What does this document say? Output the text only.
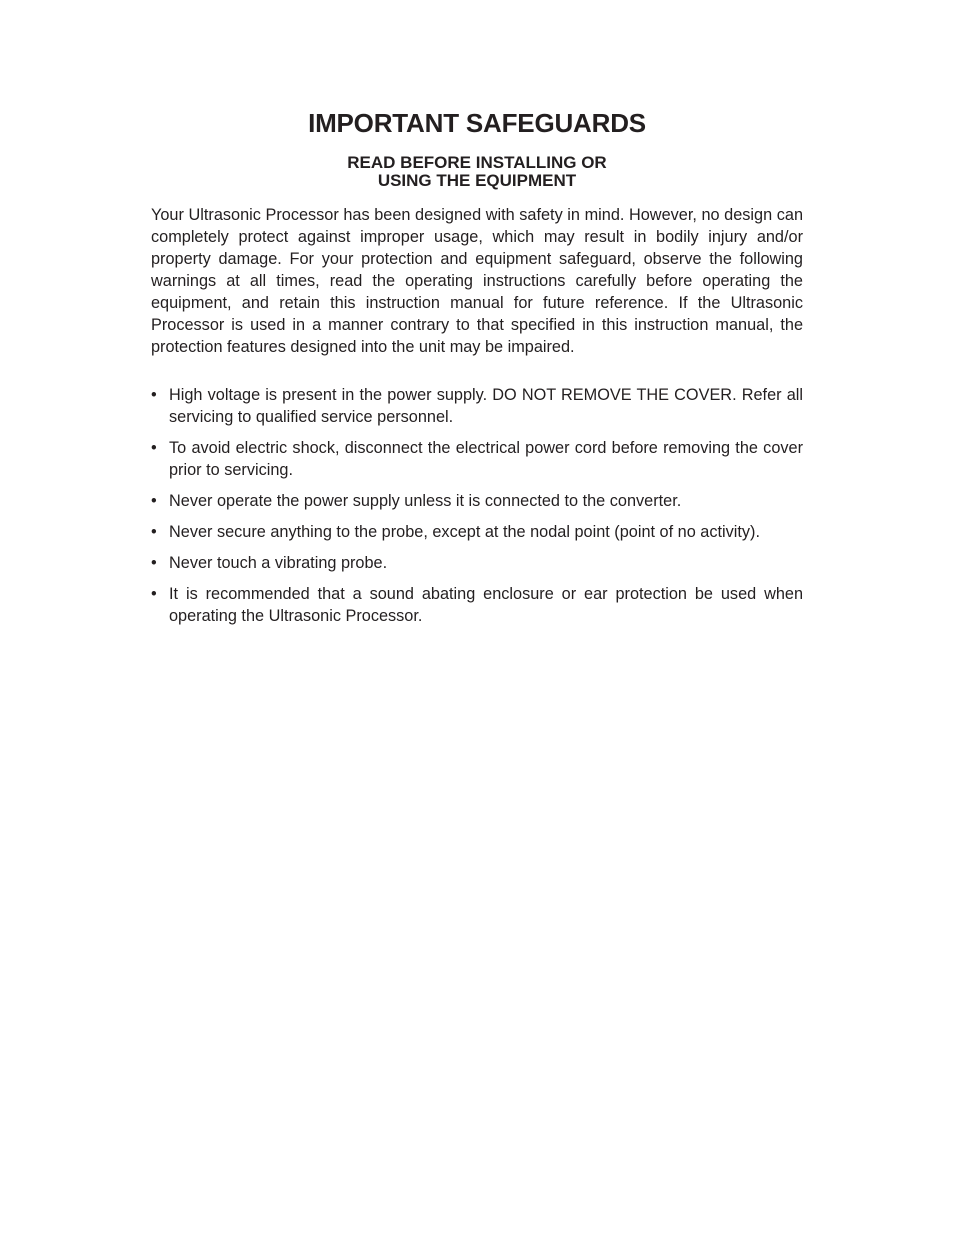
IMPORTANT SAFEGUARDS
READ BEFORE INSTALLING OR
USING THE EQUIPMENT

Your Ultrasonic Processor has been designed with safety in mind. However, no design can completely protect against improper usage, which may result in bodily injury and/or property damage. For your protection and equipment safeguard, observe the following warnings at all times, read the operating instructions carefully before operating the equipment, and retain this instruction manual for future reference. If the Ultrasonic Processor is used in a manner contrary to that specified in this instruction manual, the protection features designed into the unit may be impaired.

• High voltage is present in the power supply. DO NOT REMOVE THE COVER. Refer all servicing to qualified service personnel.
• To avoid electric shock, disconnect the electrical power cord before removing the cover prior to servicing.
• Never operate the power supply unless it is connected to the converter.
• Never secure anything to the probe, except at the nodal point (point of no activity).
• Never touch a vibrating probe.
• It is recommended that a sound abating enclosure or ear protection be used when operating the Ultrasonic Processor.
